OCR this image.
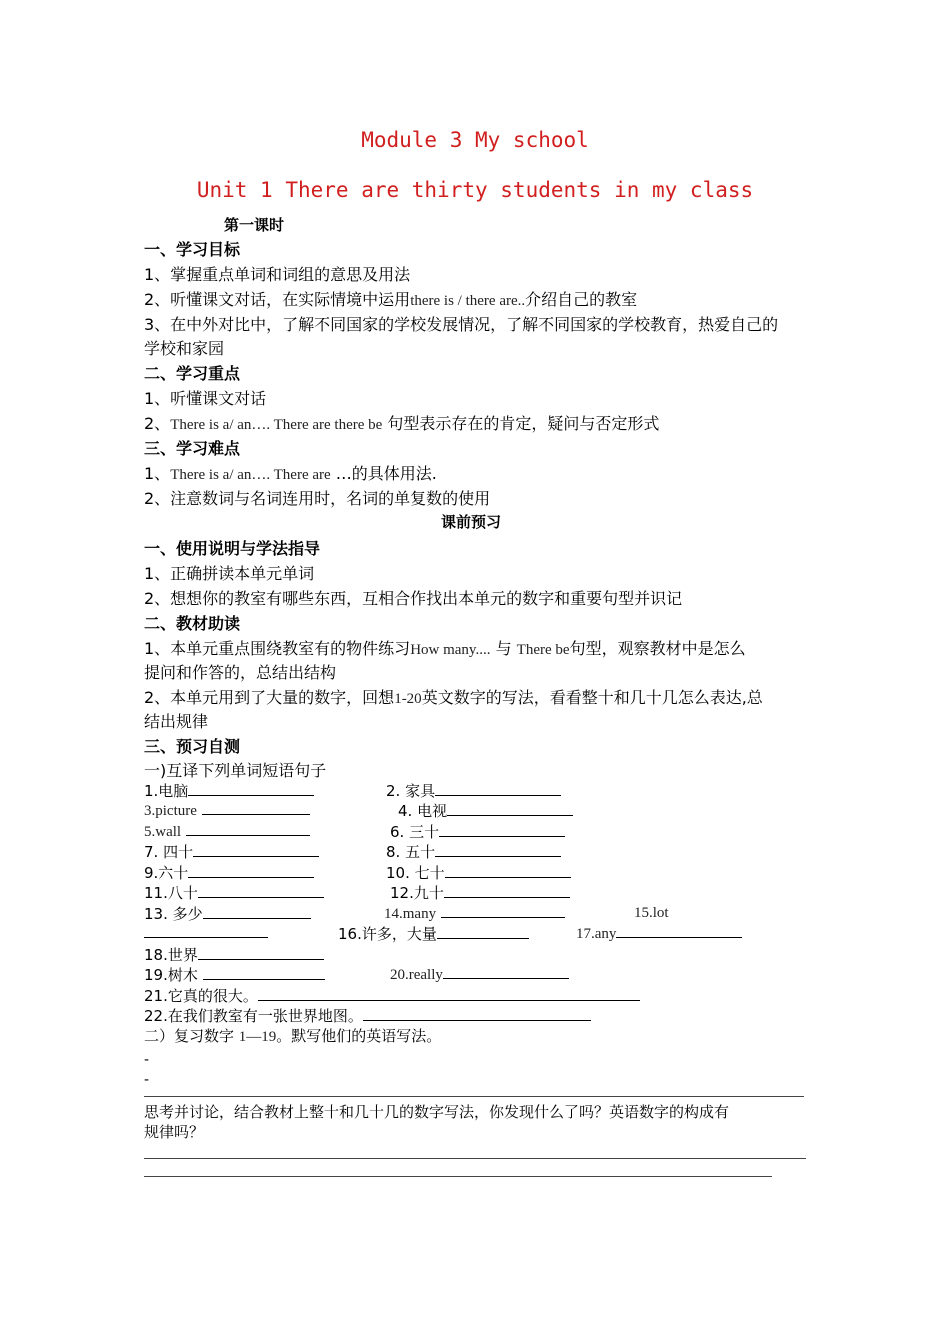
Module 3 My school
Unit 1 There are thirty students in my class
第一课时
一、学习目标
1、掌握重点单词和词组的意思及用法
2、听懂课文对话，在实际情境中运用there is / there are..介绍自己的教室
3、在中外对比中，了解不同国家的学校发展情况，了解不同国家的学校教育，热爱自己的
学校和家园
二、学习重点
1、听懂课文对话
2、There is a/ an…. There are there be 句型表示存在的肯定，疑问与否定形式
三、学习难点
1、There is a/ an…. There are …的具体用法.
2、注意数词与名词连用时，名词的单复数的使用
课前预习
一、使用说明与学法指导
1、正确拼读本单元单词
2、想想你的教室有哪些东西，互相合作找出本单元的数字和重要句型并识记
二、教材助读
1、本单元重点围绕教室有的物件练习How many.... 与 There be句型，观察教材中是怎么
提问和作答的，总结出结构
2、本单元用到了大量的数字，回想1-20英文数字的写法，看看整十和几十几怎么表达,总
结出规律
三、预习自测
一)互译下列单词短语句子
1.电脑	2. 家具
3.picture	4. 电视
5.wall	6. 三十
7. 四十	8. 五十
9.六十	10. 七十
11.八十	12.九十
13. 多少	14.many	15.lot
16.许多，大量	17.any
18.世界
19.树木	20.really
21.它真的很大。
22.在我们教室有一张世界地图。
二）复习数字 1—19。默写他们的英语写法。
-
-
思考并讨论，结合教材上整十和几十几的数字写法，你发现什么了吗？英语数字的构成有
规律吗？
